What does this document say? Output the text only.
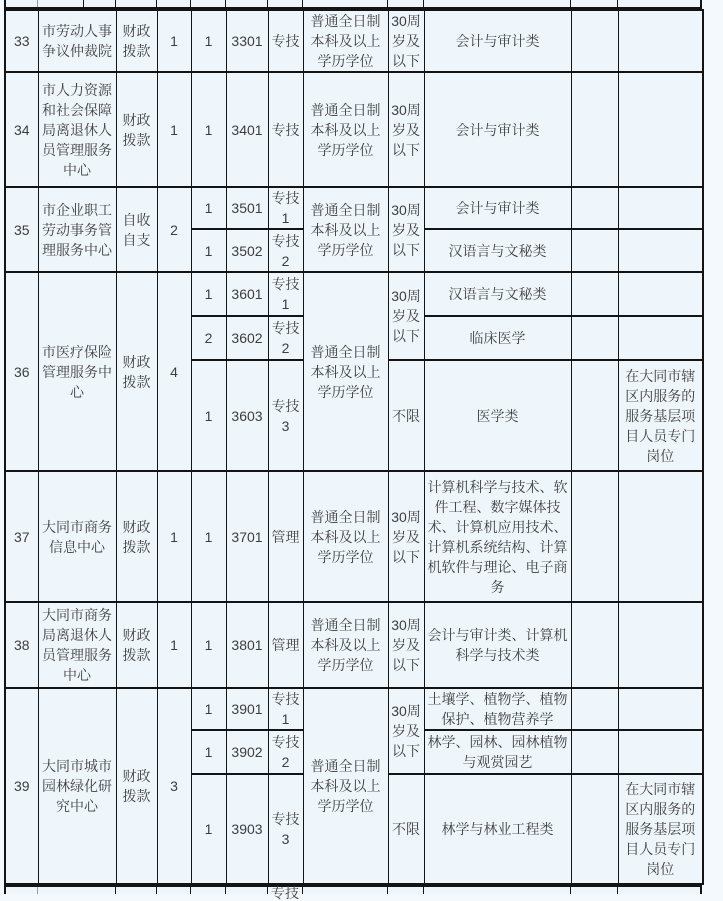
33	市劳动人事争议仲裁院	财政拨款	1	1	3301	专技	普通全日制本科及以上学历学位	30周岁及以下	会计与审计类		
34	市人力资源和社会保障局离退休人员管理服务中心	财政拨款	1	1	3401	专技	普通全日制本科及以上学历学位	30周岁及以下	会计与审计类		
35	市企业职工劳动事务管理服务中心	自收自支	2	1	3501	专技1	普通全日制本科及以上学历学位	30周岁及以下	会计与审计类		
				1	3502	专技2			汉语言与文秘类		
36	市医疗保险管理服务中心	财政拨款	4	1	3601	专技1	普通全日制本科及以上学历学位	30周岁及以下	汉语言与文秘类		
				2	3602	专技2			临床医学		
				1	3603	专技3		不限	医学类		在大同市辖区内服务的服务基层项目人员专门岗位
37	大同市商务信息中心	财政拨款	1	1	3701	管理	普通全日制本科及以上学历学位	30周岁及以下	计算机科学与技术、软件工程、数字媒体技术、计算机应用技术、计算机系统结构、计算机软件与理论、电子商务		
38	大同市商务局离退休人员管理服务中心	财政拨款	1	1	3801	管理	普通全日制本科及以上学历学位	30周岁及以下	会计与审计类、计算机科学与技术类		
39	大同市城市园林绿化研究中心	财政拨款	3	1	3901	专技1	普通全日制本科及以上学历学位	30周岁及以下	土壤学、植物学、植物保护、植物营养学		
				1	3902	专技2			林学、园林、园林植物与观赏园艺		
				1	3903	专技3		不限	林学与林业工程类		在大同市辖区内服务的服务基层项目人员专门岗位
专技
